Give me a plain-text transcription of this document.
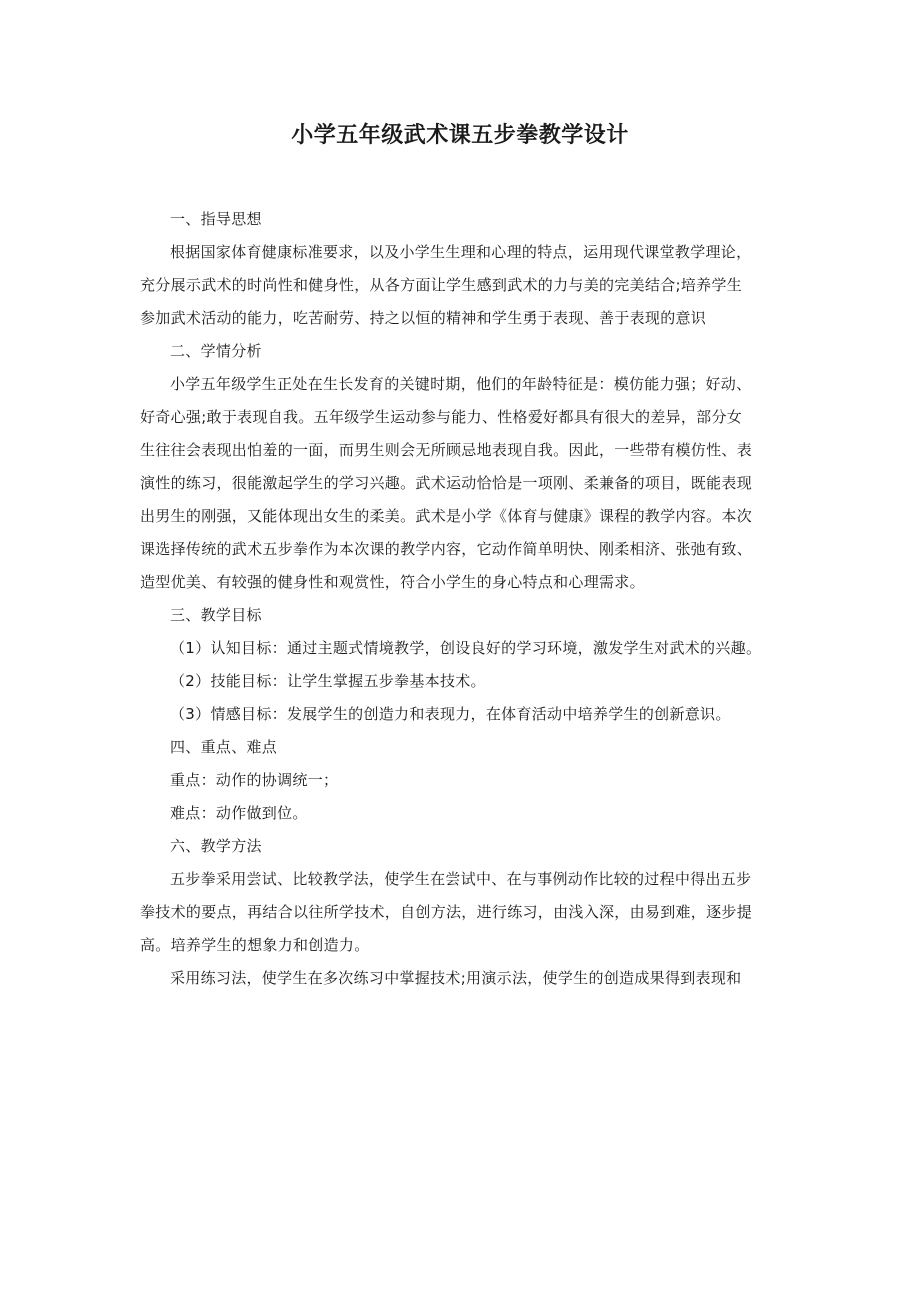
小学五年级武术课五步拳教学设计

一、指导思想

根据国家体育健康标准要求，以及小学生生理和心理的特点，运用现代课堂教学理论，
充分展示武术的时尚性和健身性，从各方面让学生感到武术的力与美的完美结合;培养学生
参加武术活动的能力，吃苦耐劳、持之以恒的精神和学生勇于表现、善于表现的意识

二、学情分析

小学五年级学生正处在生长发育的关键时期，他们的年龄特征是：模仿能力强；好动、
好奇心强;敢于表现自我。五年级学生运动参与能力、性格爱好都具有很大的差异，部分女
生往往会表现出怕羞的一面，而男生则会无所顾忌地表现自我。因此，一些带有模仿性、表
演性的练习，很能激起学生的学习兴趣。武术运动恰恰是一项刚、柔兼备的项目，既能表现
出男生的刚强，又能体现出女生的柔美。武术是小学《体育与健康》课程的教学内容。本次
课选择传统的武术五步拳作为本次课的教学内容，它动作简单明快、刚柔相济、张弛有致、
造型优美、有较强的健身性和观赏性，符合小学生的身心特点和心理需求。

三、教学目标

（1）认知目标：通过主题式情境教学，创设良好的学习环境，激发学生对武术的兴趣。

（2）技能目标：让学生掌握五步拳基本技术。

（3）情感目标：发展学生的创造力和表现力，在体育活动中培养学生的创新意识。

四、重点、难点

重点：动作的协调统一；

难点：动作做到位。

六、教学方法

五步拳采用尝试、比较教学法，使学生在尝试中、在与事例动作比较的过程中得出五步
拳技术的要点，再结合以往所学技术，自创方法，进行练习，由浅入深，由易到难，逐步提
高。培养学生的想象力和创造力。

采用练习法，使学生在多次练习中掌握技术;用演示法，使学生的创造成果得到表现和
